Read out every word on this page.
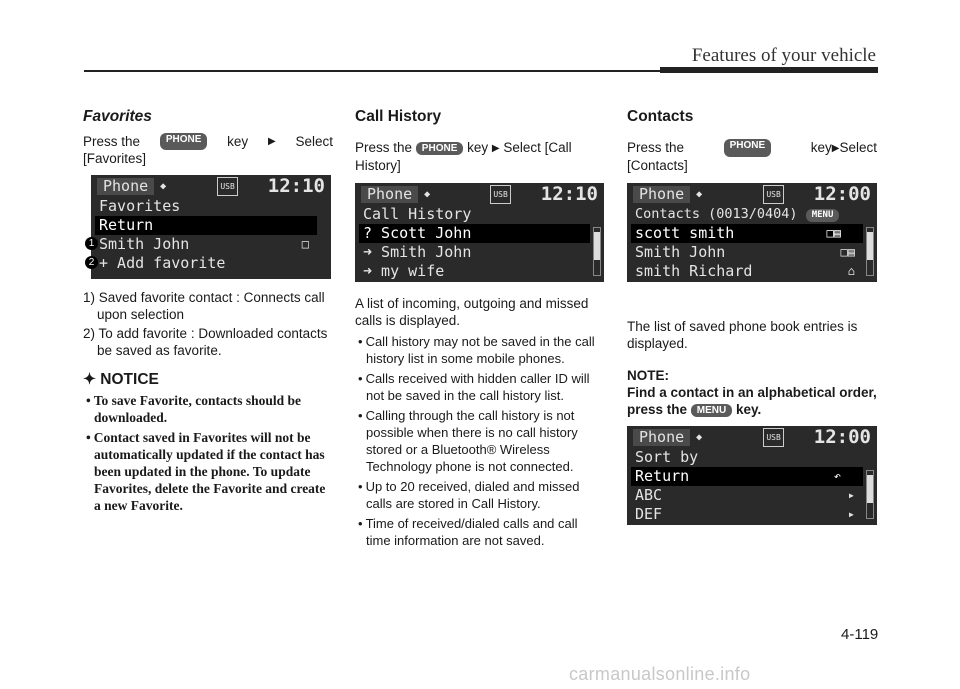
Features of your vehicle
Favorites
Press the	PHONE	key ▶ Select

[Favorites]

Phone	◆	USB 12:10
Favorites
Return
Smith John	□
+ Add favorite
1
2
1) Saved favorite contact : Connects call upon selection
2) To add favorite : Downloaded contacts be saved as favorite.
✦ NOTICE
• To save Favorite, contacts should be downloaded.
• Contact saved in Favorites will not be automatically updated if the contact has been updated in the phone. To update Favorites, delete the Favorite and create a new Favorite.
Call History
Press the PHONE key ▶ Select [Call History]
Phone	◆	USB 12:10
Call History
? Scott John
➜ Smith John
➜ my wife

A list of incoming, outgoing and missed calls is displayed.

• Call history may not be saved in the call history list in some mobile phones.
• Calls received with hidden caller ID will not be saved in the call history list.
• Calling through the call history is not possible when there is no call history stored or a Bluetooth® Wireless Technology phone is not connected.
• Up to 20 received, dialed and missed calls are stored in Call History.
• Time of received/dialed calls and call time information are not saved.
Contacts
Press the	PHONE	key▶Select

[Contacts]

Phone	◆	USB 12:00
Contacts (0013/0404) MENU
scott smith	□▤
Smith John	□▤
smith Richard	⌂

The list of saved phone book entries is displayed.

NOTE:

Find a contact in an alphabetical order, press the MENU key.

Phone	◆	USB 12:00
Sort by
Return	↶
ABC	▸
DEF	▸
4-119
carmanualsonline.info
